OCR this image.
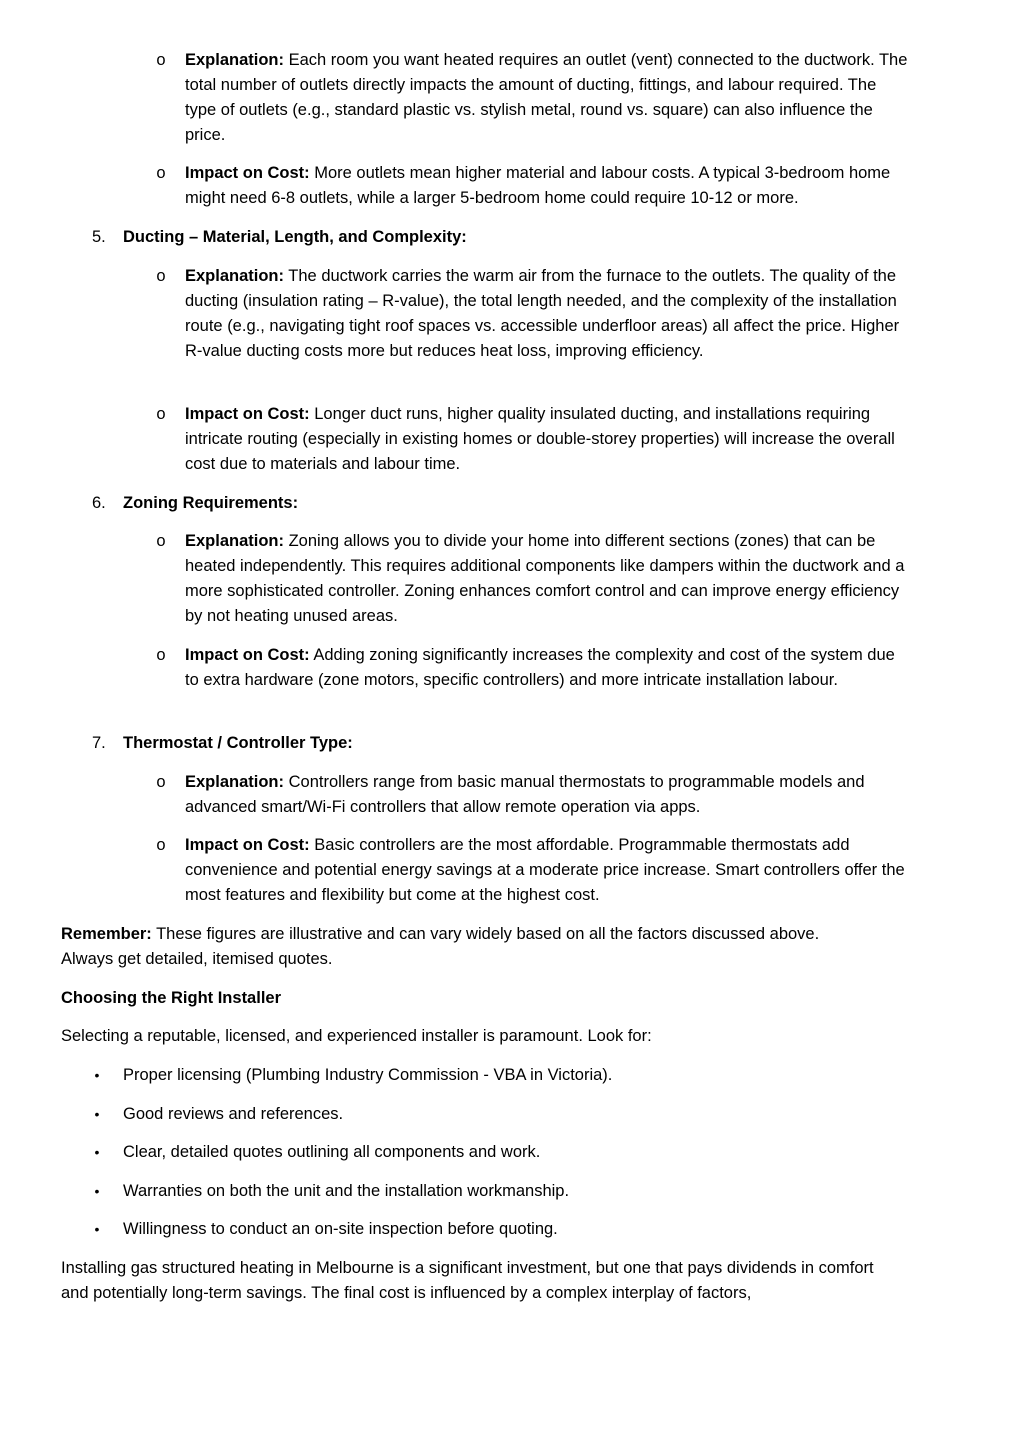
o Explanation: Each room you want heated requires an outlet (vent) connected to the ductwork. The total number of outlets directly impacts the amount of ducting, fittings, and labour required. The type of outlets (e.g., standard plastic vs. stylish metal, round vs. square) can also influence the price.
o Impact on Cost: More outlets mean higher material and labour costs. A typical 3-bedroom home might need 6-8 outlets, while a larger 5-bedroom home could require 10-12 or more.
5.	Ducting – Material, Length, and Complexity:
o Explanation: The ductwork carries the warm air from the furnace to the outlets. The quality of the ducting (insulation rating – R-value), the total length needed, and the complexity of the installation route (e.g., navigating tight roof spaces vs. accessible underfloor areas) all affect the price. Higher R-value ducting costs more but reduces heat loss, improving efficiency.
o Impact on Cost: Longer duct runs, higher quality insulated ducting, and installations requiring intricate routing (especially in existing homes or double-storey properties) will increase the overall cost due to materials and labour time.
6.	Zoning Requirements:
o Explanation: Zoning allows you to divide your home into different sections (zones) that can be heated independently. This requires additional components like dampers within the ductwork and a more sophisticated controller. Zoning enhances comfort control and can improve energy efficiency by not heating unused areas.
o Impact on Cost: Adding zoning significantly increases the complexity and cost of the system due to extra hardware (zone motors, specific controllers) and more intricate installation labour.
7.	Thermostat / Controller Type:
o Explanation: Controllers range from basic manual thermostats to programmable models and advanced smart/Wi-Fi controllers that allow remote operation via apps.
o Impact on Cost: Basic controllers are the most affordable. Programmable thermostats add convenience and potential energy savings at a moderate price increase. Smart controllers offer the most features and flexibility but come at the highest cost.
Remember: These figures are illustrative and can vary widely based on all the factors discussed above. Always get detailed, itemised quotes.
Choosing the Right Installer
Selecting a reputable, licensed, and experienced installer is paramount. Look for:
• Proper licensing (Plumbing Industry Commission - VBA in Victoria).
• Good reviews and references.
• Clear, detailed quotes outlining all components and work.
• Warranties on both the unit and the installation workmanship.
• Willingness to conduct an on-site inspection before quoting.
Installing gas structured heating in Melbourne is a significant investment, but one that pays dividends in comfort and potentially long-term savings. The final cost is influenced by a complex interplay of factors,
